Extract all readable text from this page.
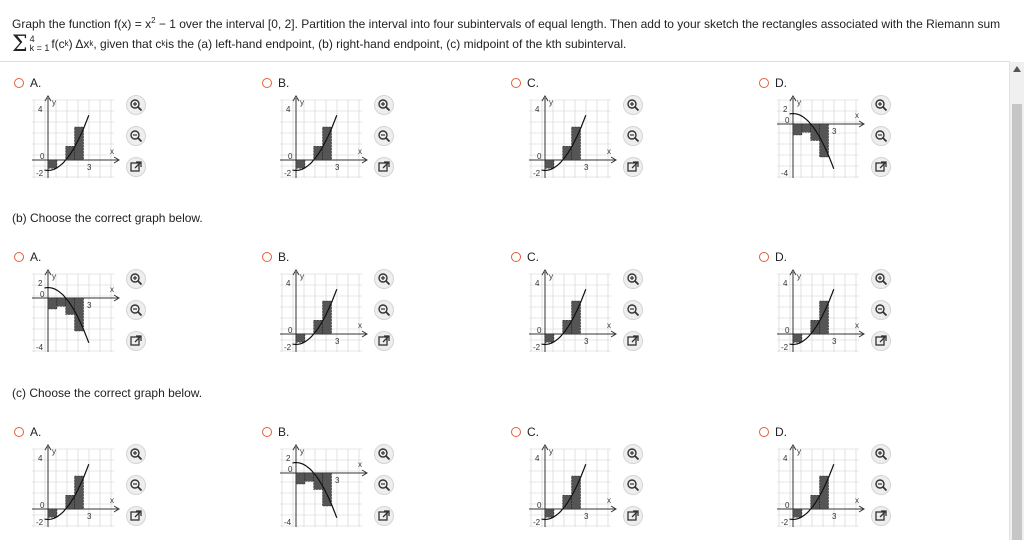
Graph the function $f(x) = x^2 - 1$ over the interval [0, 2]. Partition the interval into four subintervals of equal length. Then add to your sketch the rectangles associated with the Riemann sum
Σ 4
k = 1 f(c k ) Δx k , given that c k is the (a) left-hand endpoint, (b) right-hand endpoint, (c) midpoint of the kth subinterval.
A.
y
x
0
4
-2
3
B.
y
x
0
4
-2
3
C.
y
x
0
4
-2
3
D.
y
x
0
2
-4
3
(b) Choose the correct graph below.
A.
y
x
0
2
-4
3
B.
y
x
0
4
-2
3
C.
y
x
0
4
-2
3
D.
y
x
0
4
-2
3
(c) Choose the correct graph below.
A.
y
x
0
4
-2
3
B.
y
x
0
2
-4
3
C.
y
x
0
4
-2
3
D.
y
x
0
4
-2
3
